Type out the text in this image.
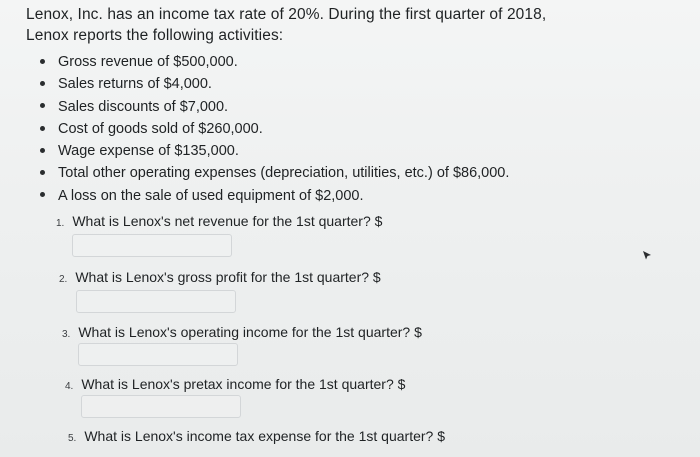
Lenox, Inc. has an income tax rate of 20%. During the first quarter of 2018,
Lenox reports the following activities:
Gross revenue of $500,000.
Sales returns of $4,000.
Sales discounts of $7,000.
Cost of goods sold of $260,000.
Wage expense of $135,000.
Total other operating expenses (depreciation, utilities, etc.) of $86,000.
A loss on the sale of used equipment of $2,000.
1. What is Lenox's net revenue for the 1st quarter? $
2. What is Lenox's gross profit for the 1st quarter? $
3. What is Lenox's operating income for the 1st quarter? $
4. What is Lenox's pretax income for the 1st quarter? $
5. What is Lenox's income tax expense for the 1st quarter? $
